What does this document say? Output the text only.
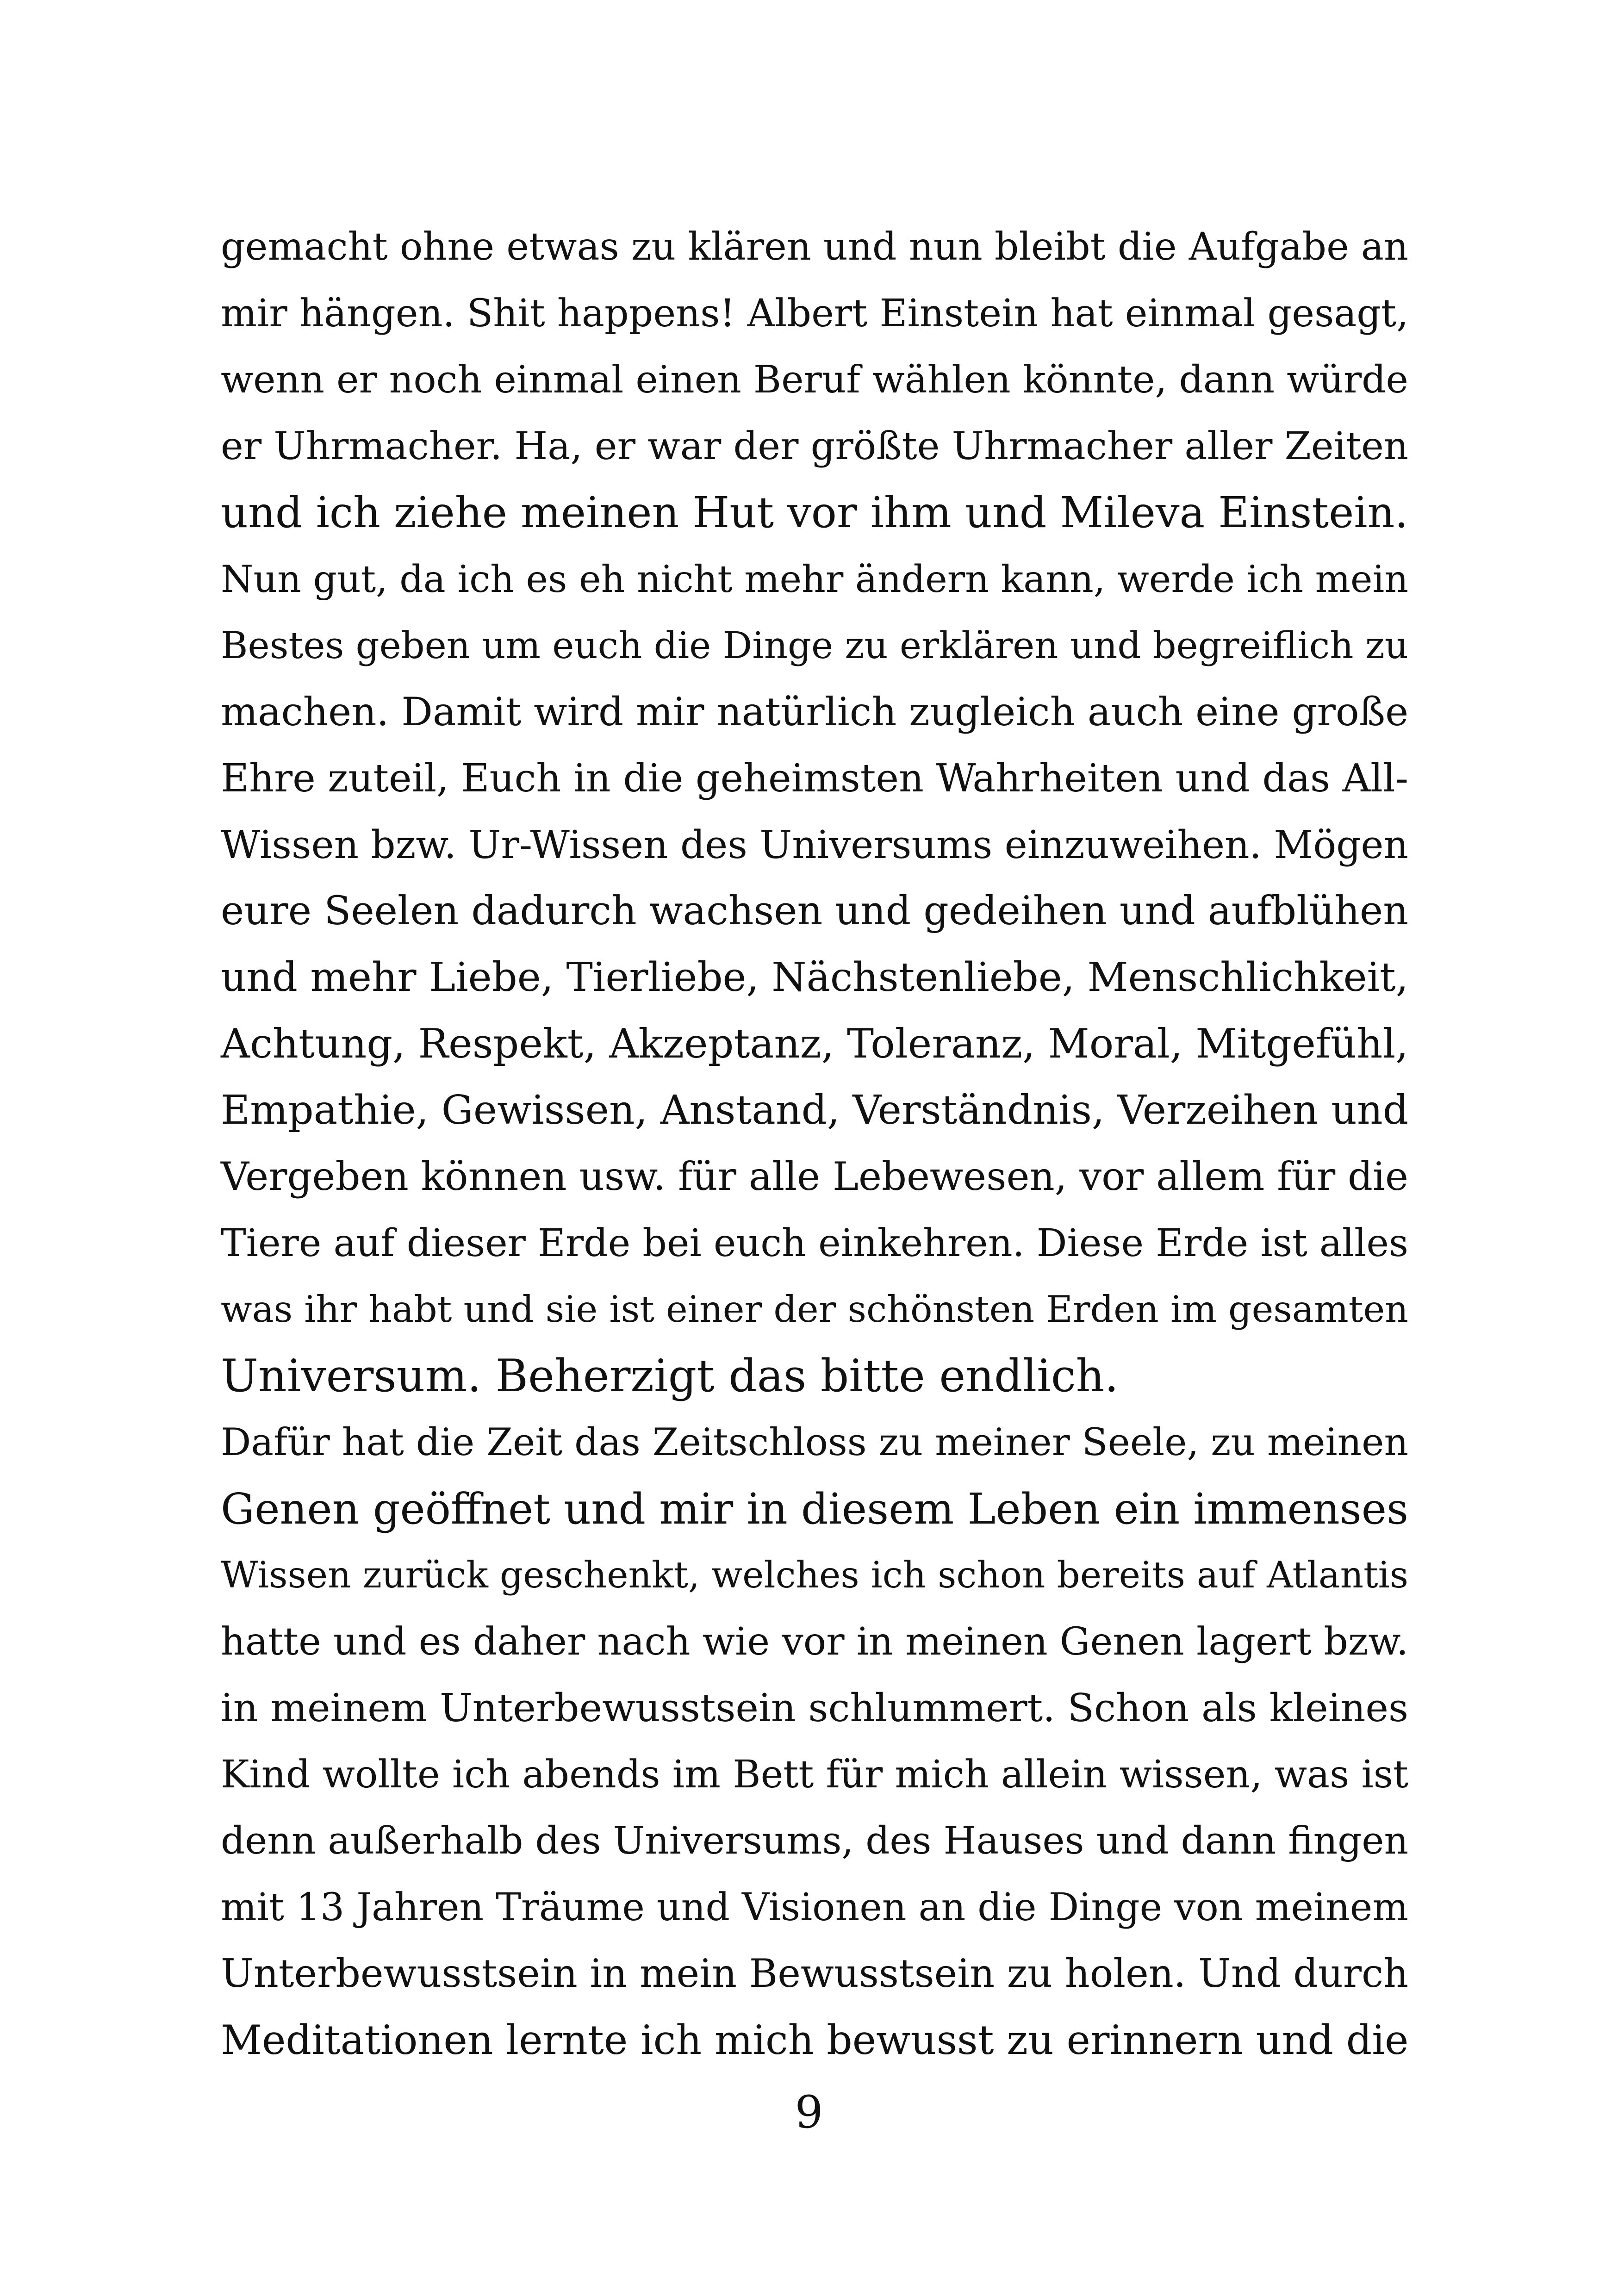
gemacht ohne etwas zu klären und nun bleibt die Aufgabe an
mir hängen. Shit happens! Albert Einstein hat einmal gesagt,
wenn er noch einmal einen Beruf wählen könnte, dann würde
er Uhrmacher. Ha, er war der größte Uhrmacher aller Zeiten
und ich ziehe meinen Hut vor ihm und Mileva Einstein.
Nun gut, da ich es eh nicht mehr ändern kann, werde ich mein
Bestes geben um euch die Dinge zu erklären und begreiflich zu
machen. Damit wird mir natürlich zugleich auch eine große
Ehre zuteil, Euch in die geheimsten Wahrheiten und das All-
Wissen bzw. Ur-Wissen des Universums einzuweihen. Mögen
eure Seelen dadurch wachsen und gedeihen und aufblühen
und mehr Liebe, Tierliebe, Nächstenliebe, Menschlichkeit,
Achtung, Respekt, Akzeptanz, Toleranz, Moral, Mitgefühl,
Empathie, Gewissen, Anstand, Verständnis, Verzeihen und
Vergeben können usw. für alle Lebewesen, vor allem für die
Tiere auf dieser Erde bei euch einkehren. Diese Erde ist alles
was ihr habt und sie ist einer der schönsten Erden im gesamten
Universum. Beherzigt das bitte endlich.
Dafür hat die Zeit das Zeitschloss zu meiner Seele, zu meinen
Genen geöffnet und mir in diesem Leben ein immenses
Wissen zurück geschenkt, welches ich schon bereits auf Atlantis
hatte und es daher nach wie vor in meinen Genen lagert bzw.
in meinem Unterbewusstsein schlummert. Schon als kleines
Kind wollte ich abends im Bett für mich allein wissen, was ist
denn außerhalb des Universums, des Hauses und dann fingen
mit 13 Jahren Träume und Visionen an die Dinge von meinem
Unterbewusstsein in mein Bewusstsein zu holen. Und durch
Meditationen lernte ich mich bewusst zu erinnern und die
9
